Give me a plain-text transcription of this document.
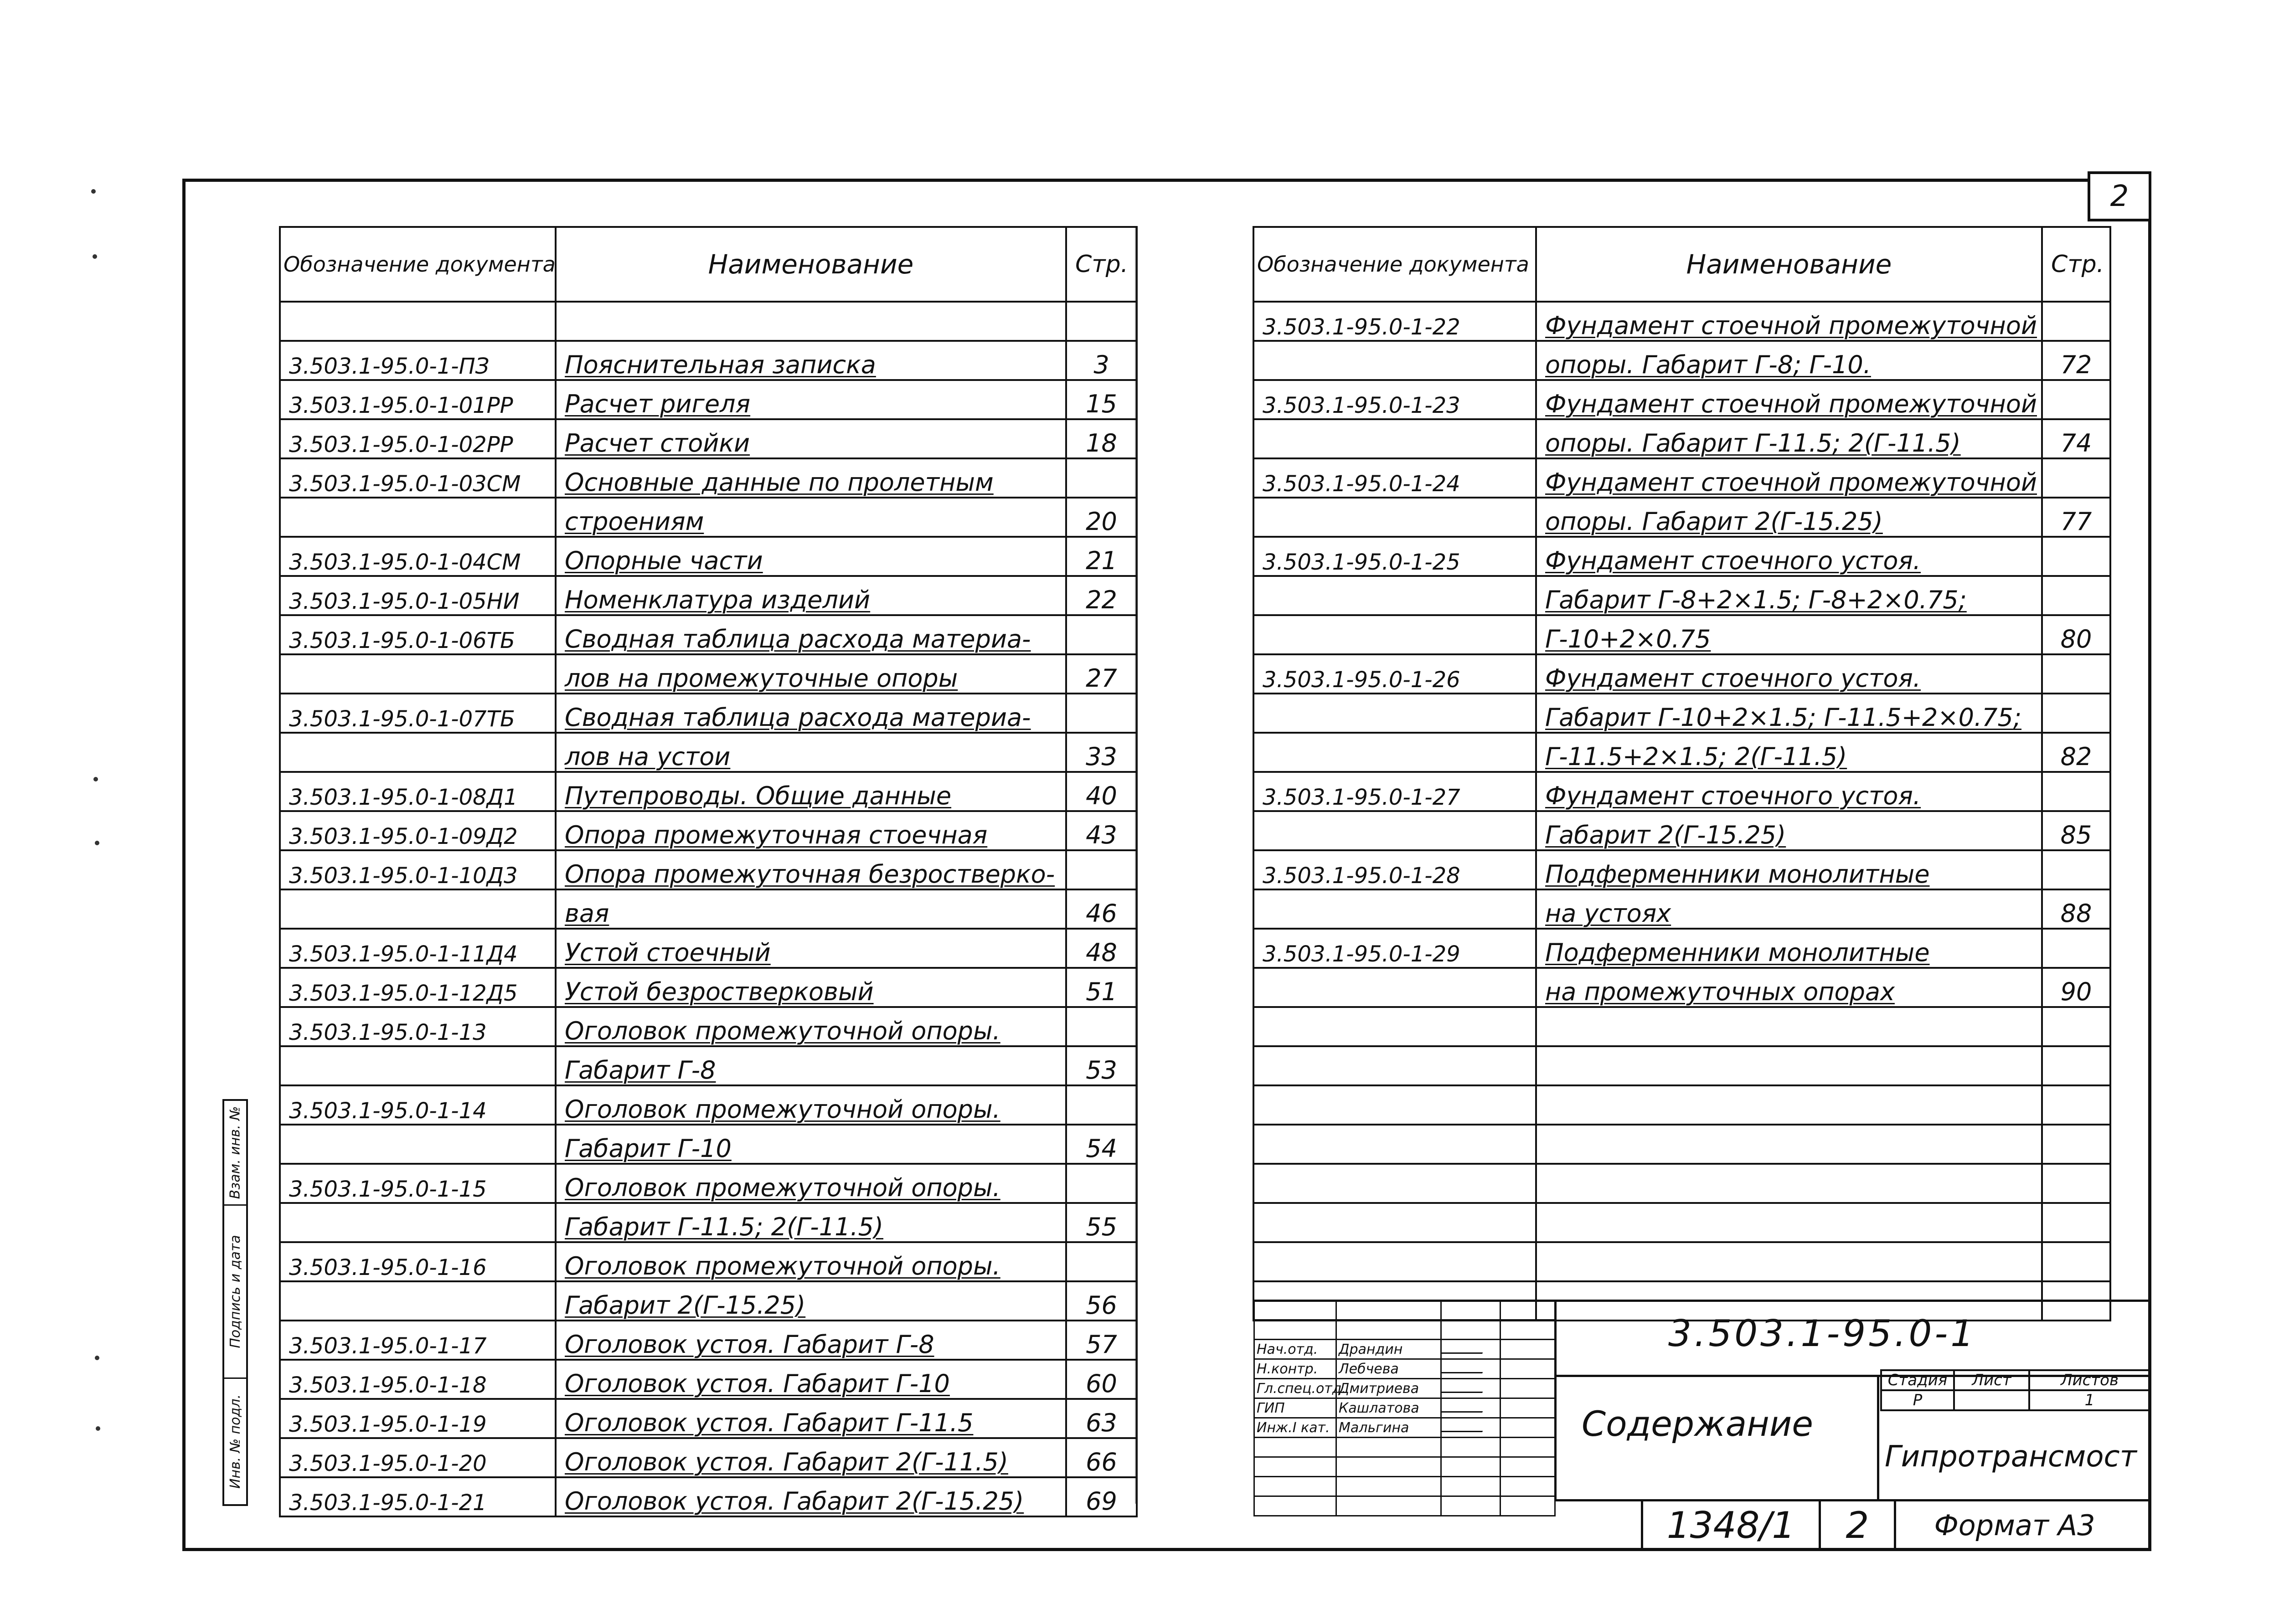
2
Обозначение документа	Наименование	Стр.

3.503.1-95.0-1-ПЗ	Пояснительная записка	3
3.503.1-95.0-1-01РР	Расчет ригеля	15
3.503.1-95.0-1-02РР	Расчет стойки	18
3.503.1-95.0-1-03СМ	Основные данные по пролетным	
	строениям	20
3.503.1-95.0-1-04СМ	Опорные части	21
3.503.1-95.0-1-05НИ	Номенклатура изделий	22
3.503.1-95.0-1-06ТБ	Сводная таблица расхода материа-	
	лов на промежуточные опоры	27
3.503.1-95.0-1-07ТБ	Сводная таблица расхода материа-	
	лов на устои	33
3.503.1-95.0-1-08Д1	Путепроводы. Общие данные	40
3.503.1-95.0-1-09Д2	Опора промежуточная стоечная	43
3.503.1-95.0-1-10Д3	Опора промежуточная безростверко-	
	вая	46
3.503.1-95.0-1-11Д4	Устой стоечный	48
3.503.1-95.0-1-12Д5	Устой безростверковый	51
3.503.1-95.0-1-13	Оголовок промежуточной опоры.	
	Габарит Г-8	53
3.503.1-95.0-1-14	Оголовок промежуточной опоры.	
	Габарит Г-10	54
3.503.1-95.0-1-15	Оголовок промежуточной опоры.	
	Габарит Г-11.5; 2(Г-11.5)	55
3.503.1-95.0-1-16	Оголовок промежуточной опоры.	
	Габарит 2(Г-15.25)	56
3.503.1-95.0-1-17	Оголовок устоя. Габарит Г-8	57
3.503.1-95.0-1-18	Оголовок устоя. Габарит Г-10	60
3.503.1-95.0-1-19	Оголовок устоя. Габарит Г-11.5	63
3.503.1-95.0-1-20	Оголовок устоя. Габарит 2(Г-11.5)	66
3.503.1-95.0-1-21	Оголовок устоя. Габарит 2(Г-15.25)	69
Обозначение документа	Наименование	Стр.
3.503.1-95.0-1-22	Фундамент стоечной промежуточной	
	опоры. Габарит Г-8; Г-10.	72
3.503.1-95.0-1-23	Фундамент стоечной промежуточной	
	опоры. Габарит Г-11.5; 2(Г-11.5)	74
3.503.1-95.0-1-24	Фундамент стоечной промежуточной	
	опоры. Габарит 2(Г-15.25)	77
3.503.1-95.0-1-25	Фундамент стоечного устоя.	
	Габарит Г-8+2×1.5; Г-8+2×0.75;	
	Г-10+2×0.75	80
3.503.1-95.0-1-26	Фундамент стоечного устоя.	
	Габарит Г-10+2×1.5; Г-11.5+2×0.75;	
	Г-11.5+2×1.5; 2(Г-11.5)	82
3.503.1-95.0-1-27	Фундамент стоечного устоя.	
	Габарит 2(Г-15.25)	85
3.503.1-95.0-1-28	Подферменники монолитные	
	на устоях	88
3.503.1-95.0-1-29	Подферменники монолитные	
	на промежуточных опорах	90

Взам. инв. №
Подпись и дата
Инв. № подл.

Нач.отд.	Драндин		
Н.контр.	Лебчева		
Гл.спец.отд.	Дмитриева		
ГИП	Кашлатова		
Инж.I кат.	Мальгина		

3.503.1-95.0-1
Содержание
Стадия	Лист	Листов
Р		1
Гипротрансмост
1348/1	2	Формат А3
